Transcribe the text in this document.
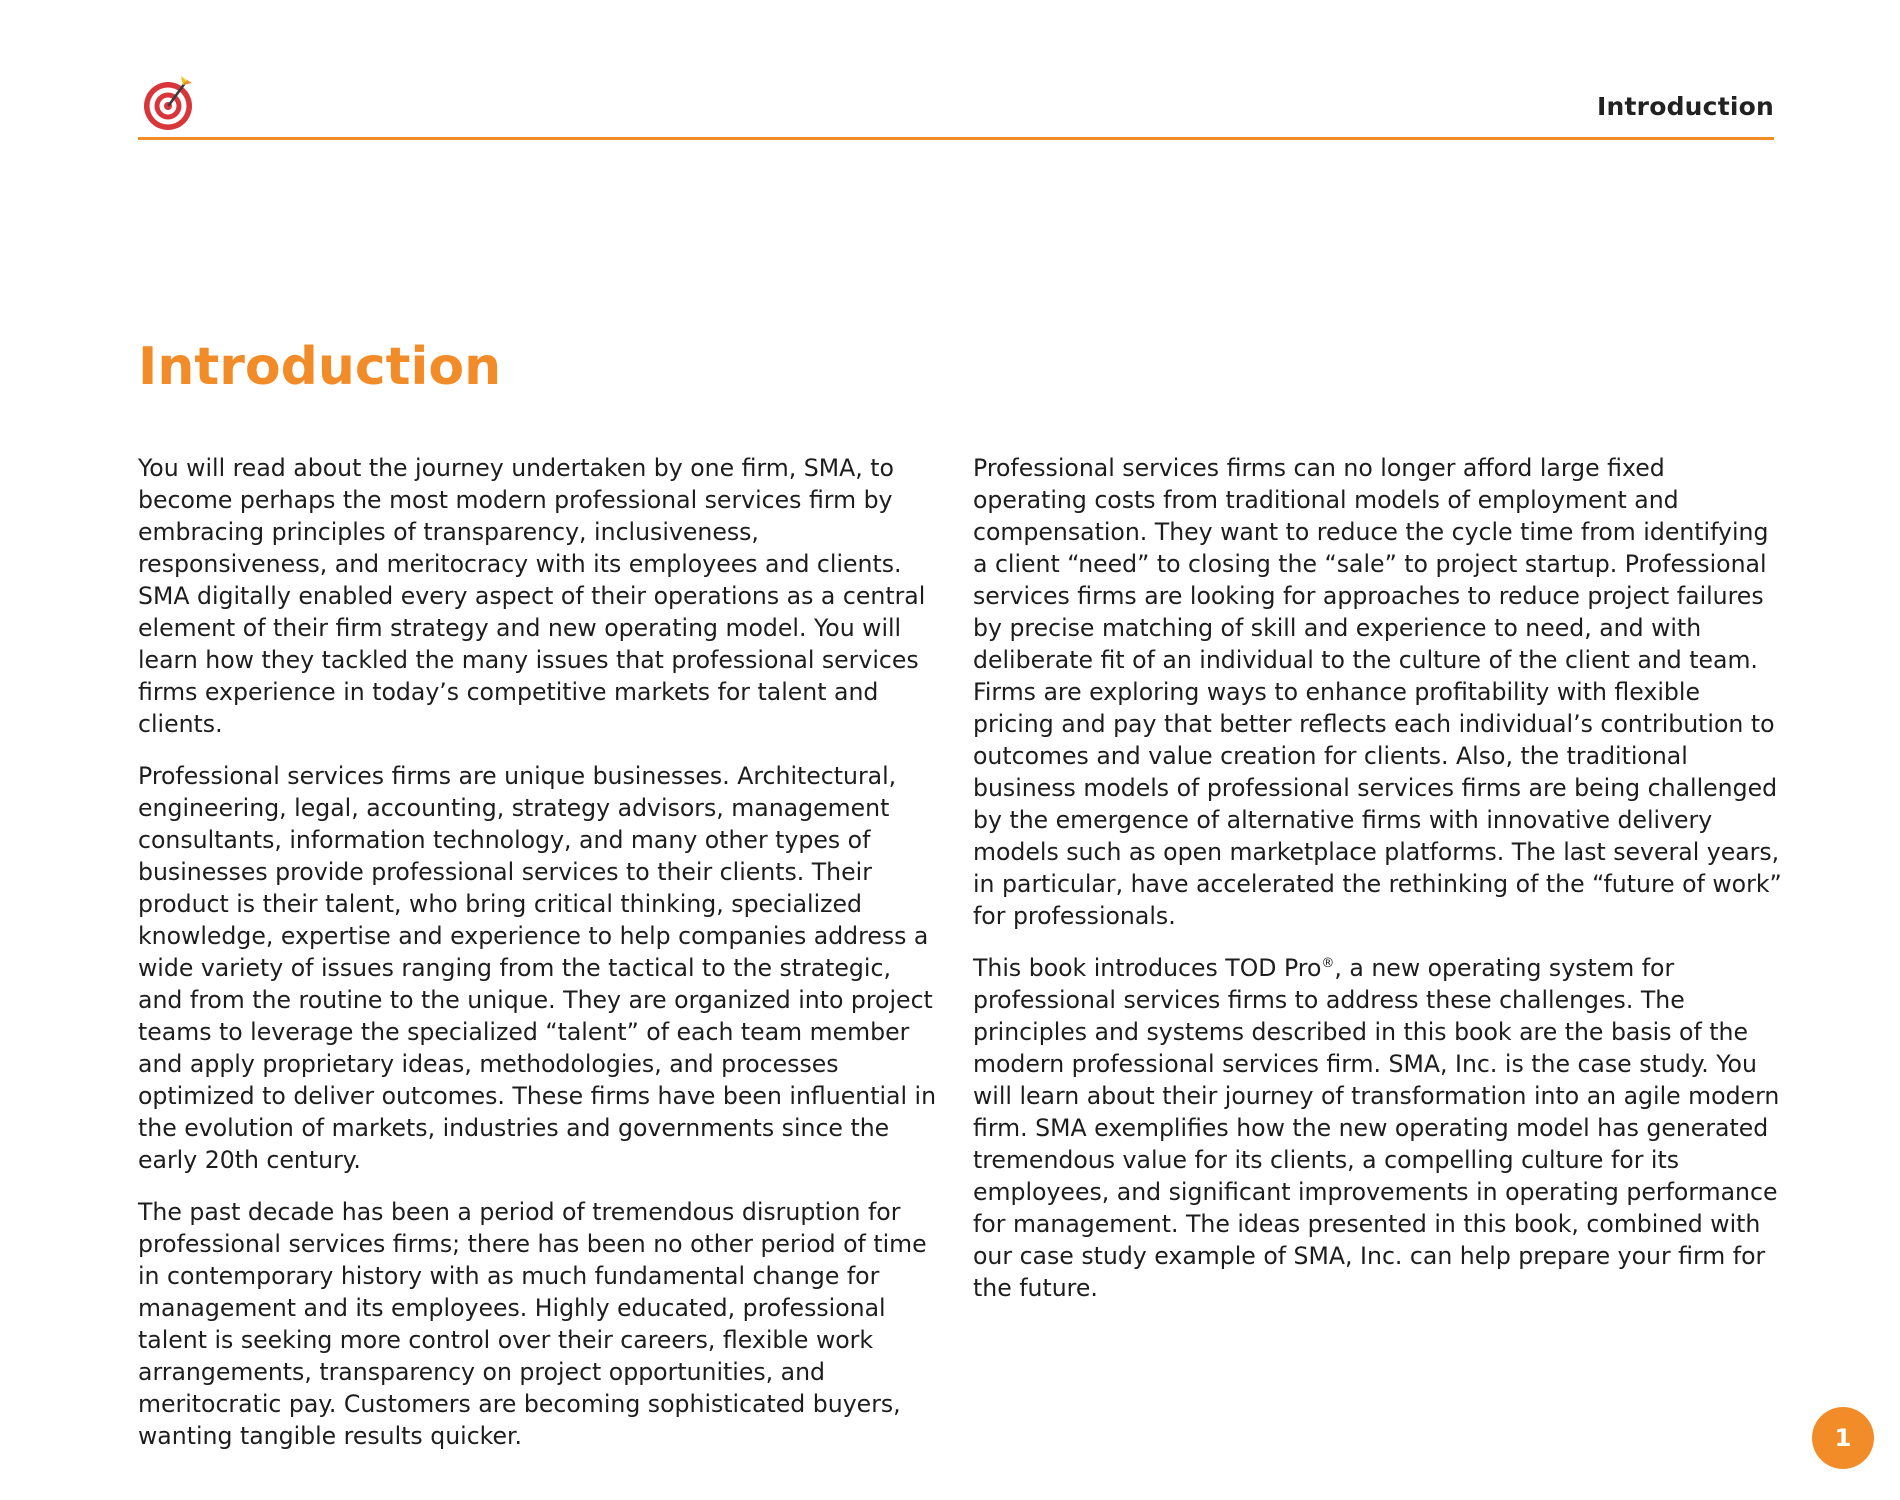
Introduction
Introduction

You will read about the journey undertaken by one firm, SMA, to become perhaps the most modern professional services firm by embracing principles of transparency, inclusiveness, responsiveness, and meritocracy with its employees and clients. SMA digitally enabled every aspect of their operations as a central element of their firm strategy and new operating model. You will learn how they tackled the many issues that professional services firms experience in today’s competitive markets for talent and clients.

Professional services firms are unique businesses. Architectural, engineering, legal, accounting, strategy advisors, management consultants, information technology, and many other types of businesses provide professional services to their clients. Their product is their talent, who bring critical thinking, specialized knowledge, expertise and experience to help companies address a wide variety of issues ranging from the tactical to the strategic, and from the routine to the unique. They are organized into project teams to leverage the specialized “talent” of each team member and apply proprietary ideas, methodologies, and processes optimized to deliver outcomes. These firms have been influential in the evolution of markets, industries and governments since the early 20th century.

The past decade has been a period of tremendous disruption for professional services firms; there has been no other period of time in contemporary history with as much fundamental change for management and its employees. Highly educated, professional talent is seeking more control over their careers, flexible work arrangements, transparency on project opportunities, and meritocratic pay. Customers are becoming sophisticated buyers, wanting tangible results quicker.

Professional services firms can no longer afford large fixed operating costs from traditional models of employment and compensation. They want to reduce the cycle time from identifying a client “need” to closing the “sale” to project startup. Professional services firms are looking for approaches to reduce project failures by precise matching of skill and experience to need, and with deliberate fit of an individual to the culture of the client and team. Firms are exploring ways to enhance profitability with flexible pricing and pay that better reflects each individual’s contribution to outcomes and value creation for clients. Also, the traditional business models of professional services firms are being challenged by the emergence of alternative firms with innovative delivery models such as open marketplace platforms. The last several years, in particular, have accelerated the rethinking of the “future of work” for professionals.

This book introduces TOD Pro®, a new operating system for professional services firms to address these challenges. The principles and systems described in this book are the basis of the modern professional services firm. SMA, Inc. is the case study. You will learn about their journey of transformation into an agile modern firm. SMA exemplifies how the new operating model has generated tremendous value for its clients, a compelling culture for its employees, and significant improvements in operating performance for management. The ideas presented in this book, combined with our case study example of SMA, Inc. can help prepare your firm for the future.

1
